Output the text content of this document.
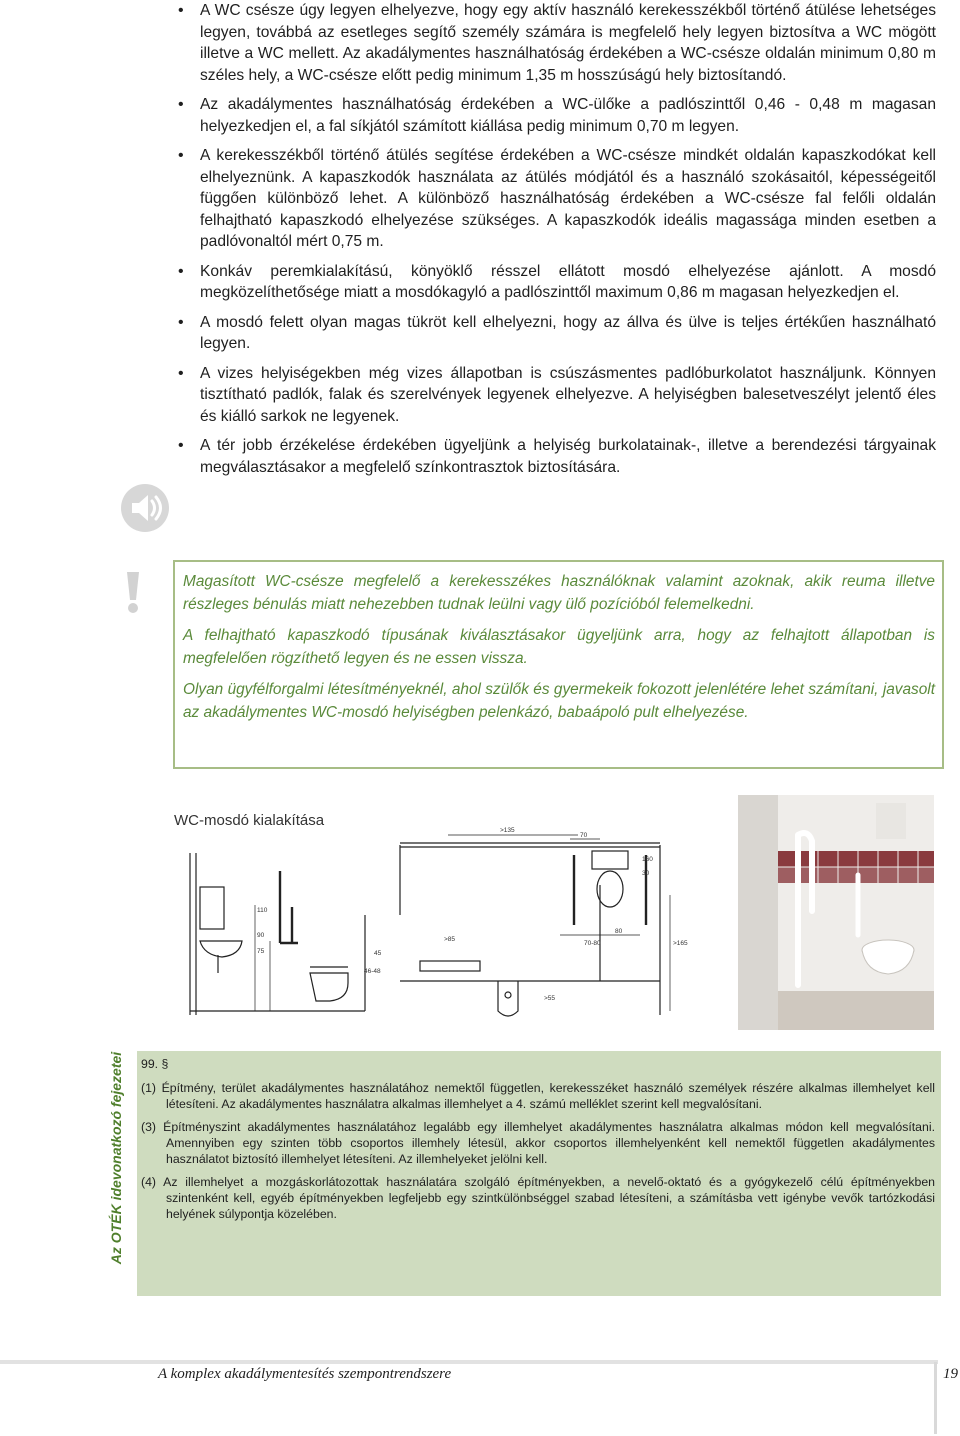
• A WC csésze úgy legyen elhelyezve, hogy egy aktív használó kerekesszékből történő átülése lehetséges legyen, továbbá az esetleges segítő személy számára is megfelelő hely legyen biztosítva a WC mögött illetve a WC mellett. Az akadálymentes használhatóság érdekében a WC-csésze oldalán minimum 0,80 m széles hely, a WC-csésze előtt pedig minimum 1,35 m hosszúságú hely biztosítandó.
• Az akadálymentes használhatóság érdekében a WC-ülőke a padlószinttől 0,46 - 0,48 m magasan helyezkedjen el, a fal síkjától számított kiállása pedig minimum 0,70 m legyen.
• A kerekesszékből történő átülés segítése érdekében a WC-csésze mindkét oldalán kapaszkodókat kell elhelyeznünk. A kapaszkodók használata az átülés módjától és a használó szokásaitól, képességeitől függően különböző lehet. A különböző használhatóság érdekében a WC-csésze fal felőli oldalán felhajtható kapaszkodó elhelyezése szükséges. A kapaszkodók ideális magassága minden esetben a padlóvonaltól mért 0,75 m.
• Konkáv peremkialakítású, könyöklő résszel ellátott mosdó elhelyezése ajánlott. A mosdó megközelíthetősége miatt a mosdókagyló a padlószinttől maximum 0,86 m magasan helyezkedjen el.
• A mosdó felett olyan magas tükröt kell elhelyezni, hogy az állva és ülve is teljes értékűen használható legyen.
• A vizes helyiségekben még vizes állapotban is csúszásmentes padlóburkolatot használjunk. Könnyen tisztítható padlók, falak és szerelvények legyenek elhelyezve. A helyiségben balesetveszélyt jelentő éles és kiálló sarkok ne legyenek.
• A tér jobb érzékelése érdekében ügyeljünk a helyiség burkolatainak-, illetve a berendezési tárgyainak megválasztásakor a megfelelő színkontrasztok biztosítására.

Magasított WC-csésze megfelelő a kerekesszékes használóknak valamint azoknak, akik reuma illetve részleges bénulás miatt nehezebben tudnak leülni vagy ülő pozícióból felemelkedni.

A felhajtható kapaszkodó típusának kiválasztásakor ügyeljünk arra, hogy az felhajtott állapotban is megfelelően rögzíthető legyen és ne essen vissza.

Olyan ügyfélforgalmi létesítményeknél, ahol szülők és gyermekeik fokozott jelenlétére lehet számítani, javasolt az akadálymentes WC-mosdó helyiségben pelenkázó, babaápoló pult elhelyezése.

WC-mosdó kialakítása
110
90
75	45
46-48
>85
>135
70
160
30
80
70-80	>165
>55
Az OTÉK idevonatkozó fejezetei 99. §
(1) Építmény, terület akadálymentes használatához nemektől független, kerekesszéket használó személyek részére alkalmas illemhelyet kell létesíteni. Az akadálymentes használatra alkalmas illemhelyet a 4. számú melléklet szerint kell megvalósítani.
(3) Építményszint akadálymentes használatához legalább egy illemhelyet akadálymentes használatra alkalmas módon kell megvalósítani. Amennyiben egy szinten több csoportos illemhely létesül, akkor csoportos illemhelyenként kell nemektől független akadálymentes használatot biztosító illemhelyet létesíteni. Az illemhelyeket jelölni kell.
(4) Az illemhelyet a mozgáskorlátozottak használatára szolgáló építményekben, a nevelő-oktató és a gyógykezelő célú építményekben szintenként kell, egyéb építményekben legfeljebb egy szintkülönbséggel szabad létesíteni, a számításba vett igénybe vevők tartózkodási helyének súlypontja közelében.
A komplex akadálymentesítés szempontrendszere	19
